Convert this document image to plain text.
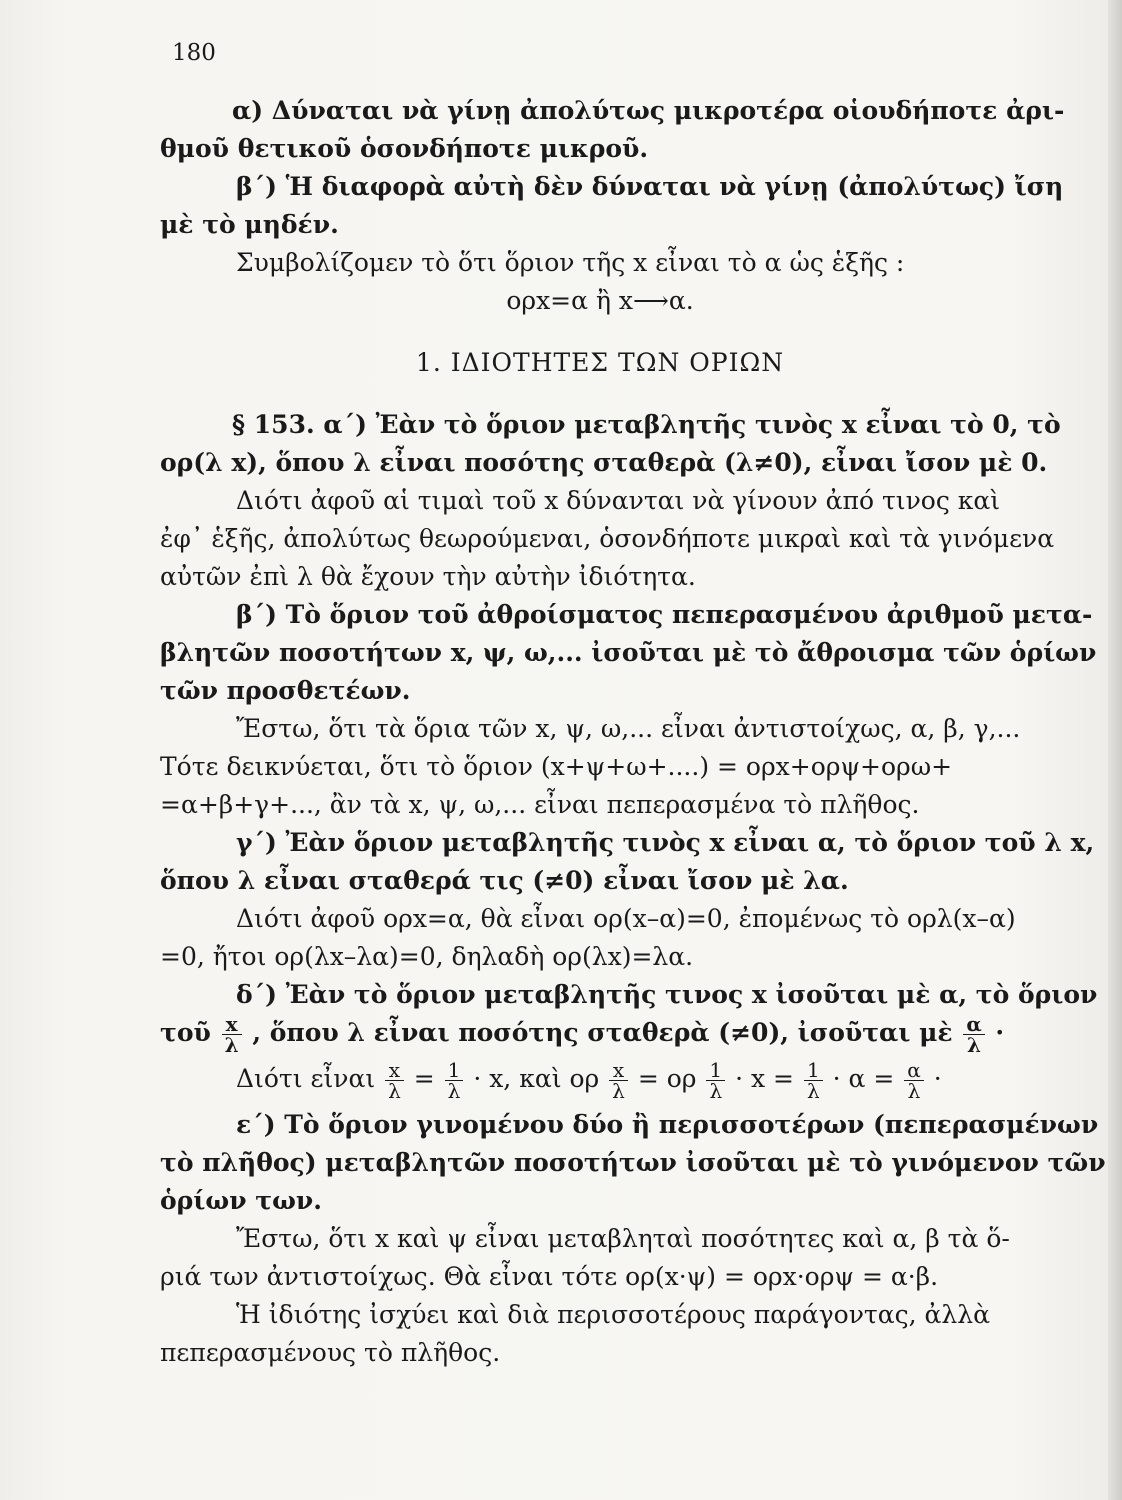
180
α) Δύναται νὰ γίνῃ ἀπολύτως μικροτέρα οἱουδήποτε ἀρι-
θμοῦ θετικοῦ ὁσονδήποτε μικροῦ.
β΄) Ἡ διαφορὰ αὐτὴ δὲν δύναται νὰ γίνῃ (ἀπολύτως) ἴση
μὲ τὸ μηδέν.
Συμβολίζομεν τὸ ὅτι ὅριον τῆς x εἶναι τὸ α ὡς ἑξῆς :
ορx=α ἢ x⟶α.
1. ΙΔΙΟΤΗΤΕΣ ΤΩΝ ΟΡΙΩΝ
§ 153. α΄) Ἐὰν τὸ ὅριον μεταβλητῆς τινὸς x εἶναι τὸ 0, τὸ
ορ(λ x), ὅπου λ εἶναι ποσότης σταθερὰ (λ≠0), εἶναι ἴσον μὲ 0.
Διότι ἀφοῦ αἱ τιμαὶ τοῦ x δύνανται νὰ γίνουν ἀπό τινος καὶ
ἐφ᾿ ἑξῆς, ἀπολύτως θεωρούμεναι, ὁσονδήποτε μικραὶ καὶ τὰ γινόμενα
αὐτῶν ἐπὶ λ θὰ ἔχουν τὴν αὐτὴν ἰδιότητα.
β΄) Τὸ ὅριον τοῦ ἀθροίσματος πεπερασμένου ἀριθμοῦ μετα-
βλητῶν ποσοτήτων x, ψ, ω,... ἰσοῦται μὲ τὸ ἄθροισμα τῶν ὁρίων
τῶν προσθετέων.
Ἔστω, ὅτι τὰ ὅρια τῶν x, ψ, ω,... εἶναι ἀντιστοίχως, α, β, γ,...
Τότε δεικνύεται, ὅτι τὸ ὅριον (x+ψ+ω+....) = ορx+ορψ+ορω+
=α+β+γ+..., ἂν τὰ x, ψ, ω,... εἶναι πεπερασμένα τὸ πλῆθος.
γ΄) Ἐὰν ὅριον μεταβλητῆς τινὸς x εἶναι α, τὸ ὅριον τοῦ λ x,
ὅπου λ εἶναι σταθερά τις (≠0) εἶναι ἴσον μὲ λα.
Διότι ἀφοῦ ορx=α, θὰ εἶναι ορ(x–α)=0, ἐπομένως τὸ ορλ(x–α)
=0, ἤτοι ορ(λx–λα)=0, δηλαδὴ ορ(λx)=λα.
δ΄) Ἐὰν τὸ ὅριον μεταβλητῆς τινος x ἰσοῦται μὲ α, τὸ ὅριον
τοῦ $\frac{x}{\lambda}$ , ὅπου λ εἶναι ποσότης σταθερὰ (≠0), ἰσοῦται μὲ $\frac{\alpha}{\lambda}$ ·
Διότι εἶναι $\frac{x}{\lambda} = \frac{1}{\lambda} \cdot x$, καὶ ορ $\frac{x}{\lambda} = o\rho \frac{1}{\lambda} \cdot x = \frac{1}{\lambda} \cdot \alpha = \frac{\alpha}{\lambda}$ ·
ε΄) Τὸ ὅριον γινομένου δύο ἢ περισσοτέρων (πεπερασμένων
τὸ πλῆθος) μεταβλητῶν ποσοτήτων ἰσοῦται μὲ τὸ γινόμενον τῶν
ὁρίων των.
Ἔστω, ὅτι x καὶ ψ εἶναι μεταβληταὶ ποσότητες καὶ α, β τὰ ὅ-
ριά των ἀντιστοίχως. Θὰ εἶναι τότε ορ(x·ψ) = ορx·ορψ = α·β.
Ἡ ἰδιότης ἰσχύει καὶ διὰ περισσοτέρους παράγοντας, ἀλλὰ
πεπερασμένους τὸ πλῆθος.
